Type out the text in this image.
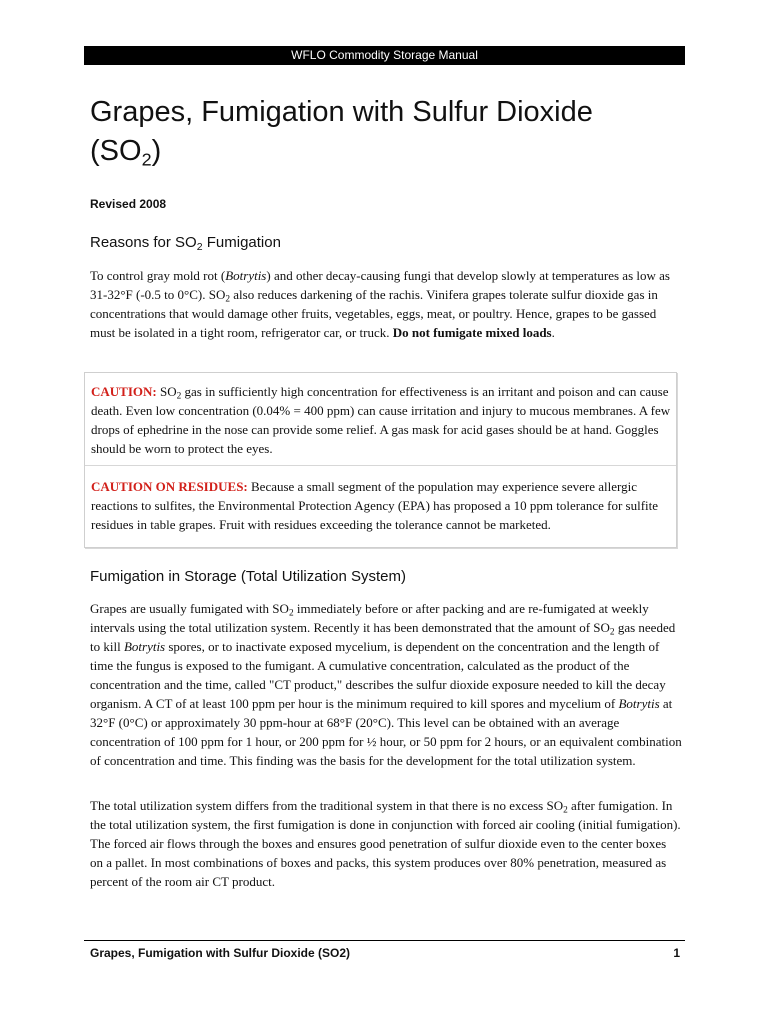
WFLO Commodity Storage Manual
Grapes, Fumigation with Sulfur Dioxide
$(SO_2)$
Revised 2008
Reasons for $SO_2$ Fumigation

To control gray mold rot (Botrytis) and other decay-causing fungi that develop slowly at temperatures as low as 31-32°F (-0.5 to 0°C). $SO_2$ also reduces darkening of the rachis. Vinifera grapes tolerate sulfur dioxide gas in concentrations that would damage other fruits, vegetables, eggs, meat, or poultry. Hence, grapes to be gassed must be isolated in a tight room, refrigerator car, or truck. Do not fumigate mixed loads.

CAUTION: $SO_2$ gas in sufficiently high concentration for effectiveness is an irritant and poison and can cause death. Even low concentration (0.04% = 400 ppm) can cause irritation and injury to mucous membranes. A few drops of ephedrine in the nose can provide some relief. A gas mask for acid gases should be at hand. Goggles should be worn to protect the eyes.

CAUTION ON RESIDUES: Because a small segment of the population may experience severe allergic reactions to sulfites, the Environmental Protection Agency (EPA) has proposed a 10 ppm tolerance for sulfite residues in table grapes. Fruit with residues exceeding the tolerance cannot be marketed.

Fumigation in Storage (Total Utilization System)

Grapes are usually fumigated with $SO_2$ immediately before or after packing and are re-fumigated at weekly intervals using the total utilization system. Recently it has been demonstrated that the amount of $SO_2$ gas needed to kill Botrytis spores, or to inactivate exposed mycelium, is dependent on the concentration and the length of time the fungus is exposed to the fumigant. A cumulative concentration, calculated as the product of the concentration and the time, called "CT product," describes the sulfur dioxide exposure needed to kill the decay organism. A CT of at least 100 ppm per hour is the minimum required to kill spores and mycelium of Botrytis at 32°F (0°C) or approximately 30 ppm-hour at 68°F (20°C). This level can be obtained with an average concentration of 100 ppm for 1 hour, or 200 ppm for ½ hour, or 50 ppm for 2 hours, or an equivalent combination of concentration and time. This finding was the basis for the development for the total utilization system.

The total utilization system differs from the traditional system in that there is no excess $SO_2$ after fumigation. In the total utilization system, the first fumigation is done in conjunction with forced air cooling (initial fumigation). The forced air flows through the boxes and ensures good penetration of sulfur dioxide even to the center boxes on a pallet. In most combinations of boxes and packs, this system produces over 80% penetration, measured as percent of the room air CT product.

Grapes, Fumigation with Sulfur Dioxide (SO2)	1
